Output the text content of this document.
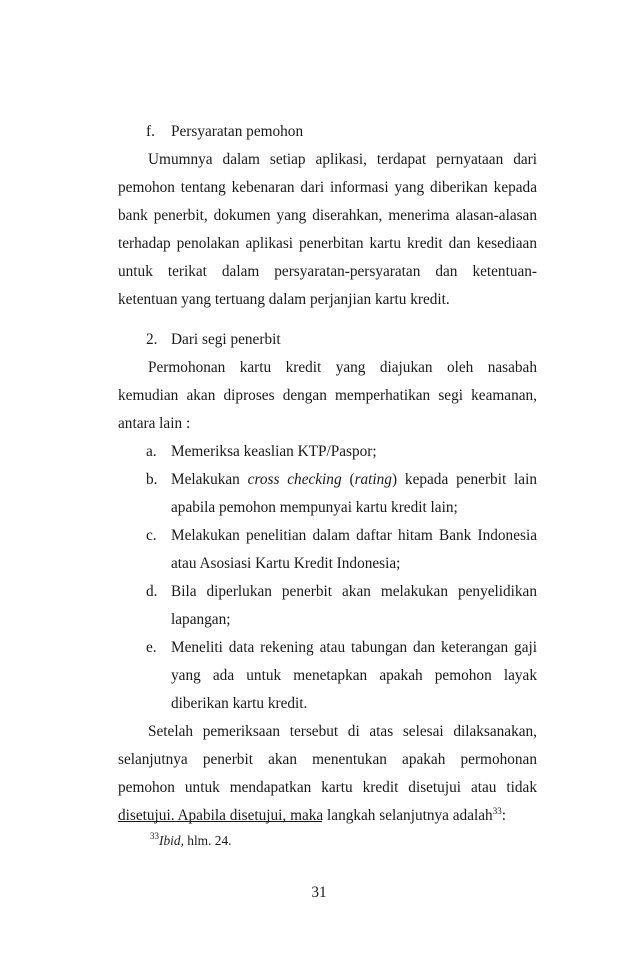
f. Persyaratan pemohon

Umumnya dalam setiap aplikasi, terdapat pernyataan dari pemohon tentang kebenaran dari informasi yang diberikan kepada bank penerbit, dokumen yang diserahkan, menerima alasan-alasan terhadap penolakan aplikasi penerbitan kartu kredit dan kesediaan untuk terikat dalam persyaratan-persyaratan dan ketentuan-ketentuan yang tertuang dalam perjanjian kartu kredit.

2. Dari segi penerbit

Permohonan kartu kredit yang diajukan oleh nasabah kemudian akan diproses dengan memperhatikan segi keamanan, antara lain :

a. Memeriksa keaslian KTP/Paspor;
b. Melakukan cross checking (rating) kepada penerbit lain apabila pemohon mempunyai kartu kredit lain;
c. Melakukan penelitian dalam daftar hitam Bank Indonesia atau Asosiasi Kartu Kredit Indonesia;
d. Bila diperlukan penerbit akan melakukan penyelidikan lapangan;
e. Meneliti data rekening atau tabungan dan keterangan gaji yang ada untuk menetapkan apakah pemohon layak diberikan kartu kredit.

Setelah pemeriksaan tersebut di atas selesai dilaksanakan, selanjutnya penerbit akan menentukan apakah permohonan pemohon untuk mendapatkan kartu kredit disetujui atau tidak disetujui. Apabila disetujui, maka langkah selanjutnya adalah$^{33}$:

$^{33}$Ibid, hlm. 24.
31
